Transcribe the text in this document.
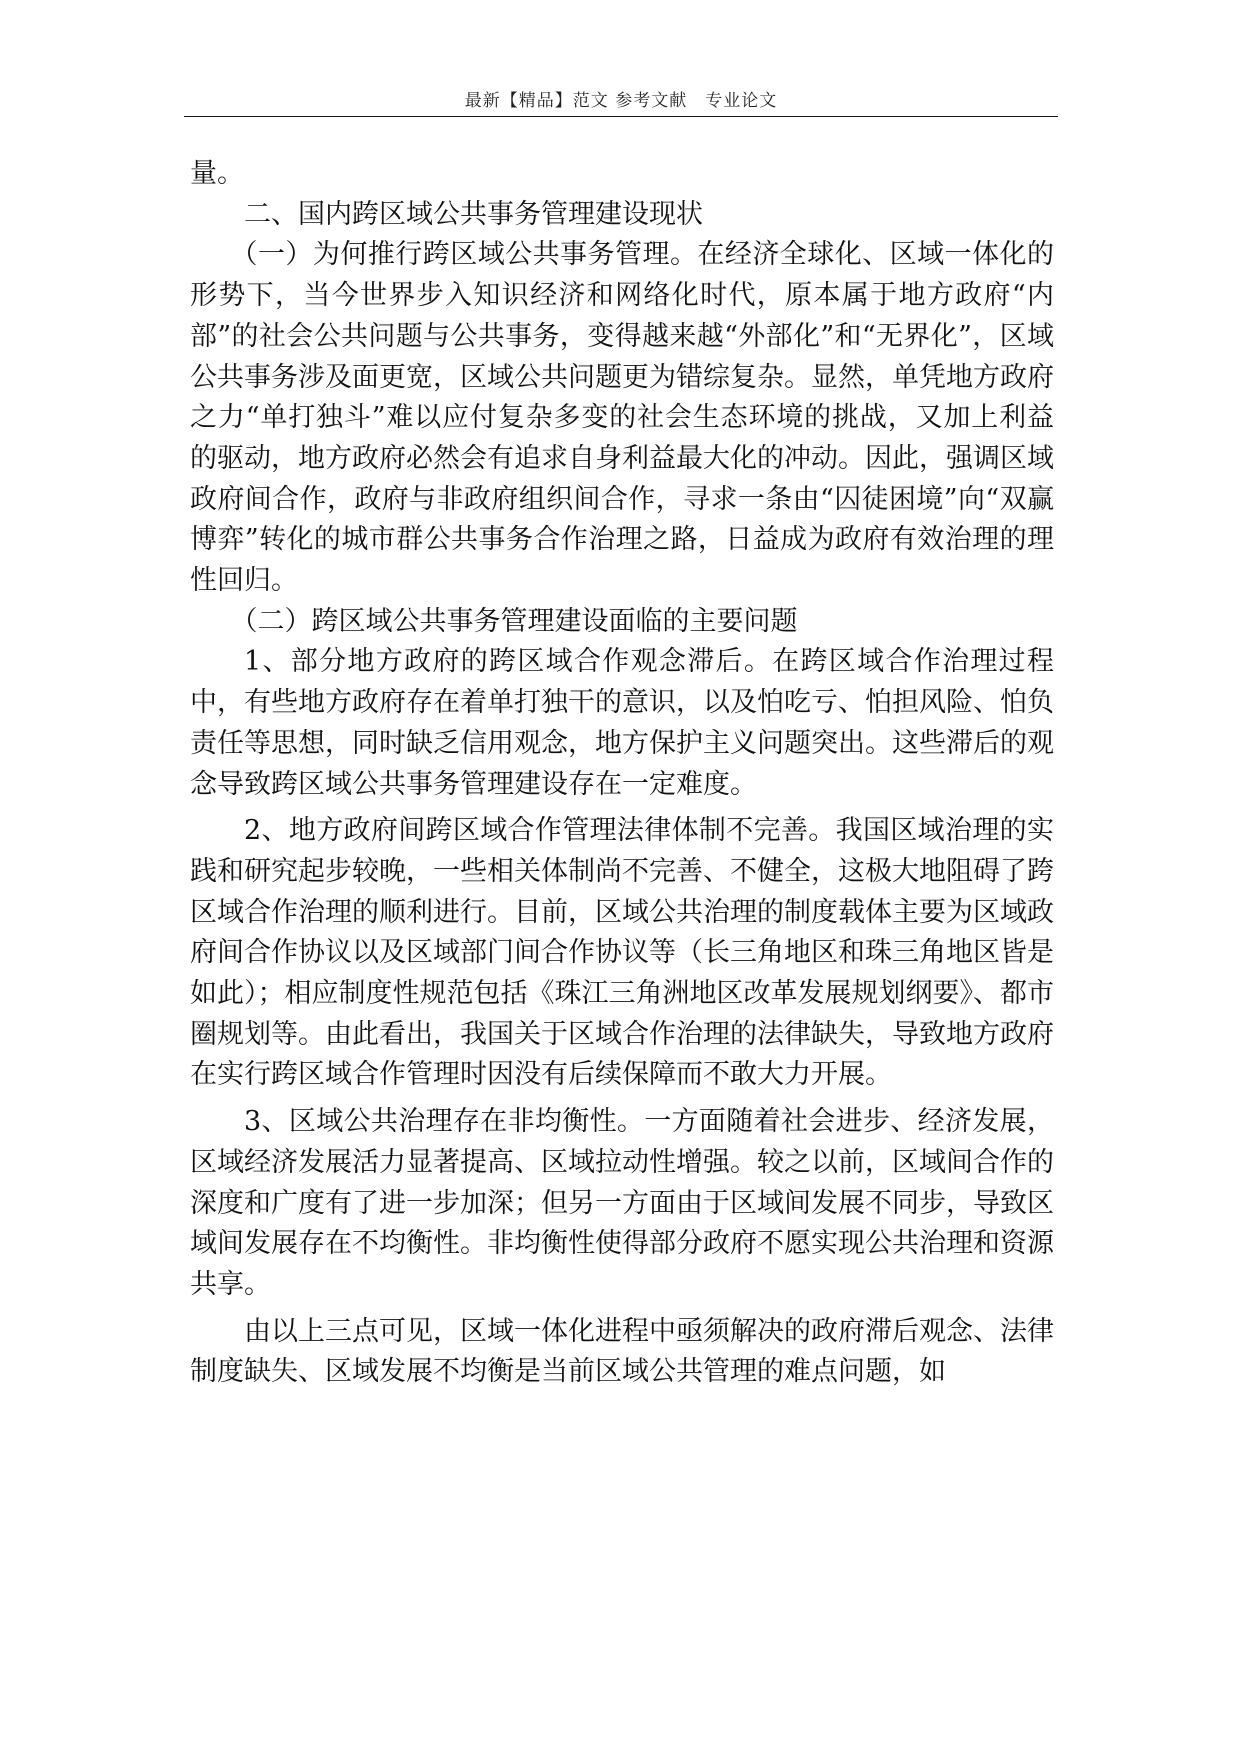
最新【精品】范文 参考文献　专业论文

量。

二、国内跨区域公共事务管理建设现状

（一）为何推行跨区域公共事务管理。在经济全球化、区域一体化的形势下，当今世界步入知识经济和网络化时代，原本属于地方政府“内部”的社会公共问题与公共事务，变得越来越“外部化”和“无界化”，区域公共事务涉及面更宽，区域公共问题更为错综复杂。显然，单凭地方政府之力“单打独斗”难以应付复杂多变的社会生态环境的挑战，又加上利益的驱动，地方政府必然会有追求自身利益最大化的冲动。因此，强调区域政府间合作，政府与非政府组织间合作，寻求一条由“囚徒困境”向“双赢博弈”转化的城市群公共事务合作治理之路，日益成为政府有效治理的理性回归。

（二）跨区域公共事务管理建设面临的主要问题

1、部分地方政府的跨区域合作观念滞后。在跨区域合作治理过程中，有些地方政府存在着单打独干的意识，以及怕吃亏、怕担风险、怕负责任等思想，同时缺乏信用观念，地方保护主义问题突出。这些滞后的观念导致跨区域公共事务管理建设存在一定难度。

2、地方政府间跨区域合作管理法律体制不完善。我国区域治理的实践和研究起步较晚，一些相关体制尚不完善、不健全，这极大地阻碍了跨区域合作治理的顺利进行。目前，区域公共治理的制度载体主要为区域政府间合作协议以及区域部门间合作协议等（长三角地区和珠三角地区皆是如此）；相应制度性规范包括《珠江三角洲地区改革发展规划纲要》、都市圈规划等。由此看出，我国关于区域合作治理的法律缺失，导致地方政府在实行跨区域合作管理时因没有后续保障而不敢大力开展。

3、区域公共治理存在非均衡性。一方面随着社会进步、经济发展，区域经济发展活力显著提高、区域拉动性增强。较之以前，区域间合作的深度和广度有了进一步加深；但另一方面由于区域间发展不同步，导致区域间发展存在不均衡性。非均衡性使得部分政府不愿实现公共治理和资源共享。

由以上三点可见，区域一体化进程中亟须解决的政府滞后观念、法律制度缺失、区域发展不均衡是当前区域公共管理的难点问题，如
